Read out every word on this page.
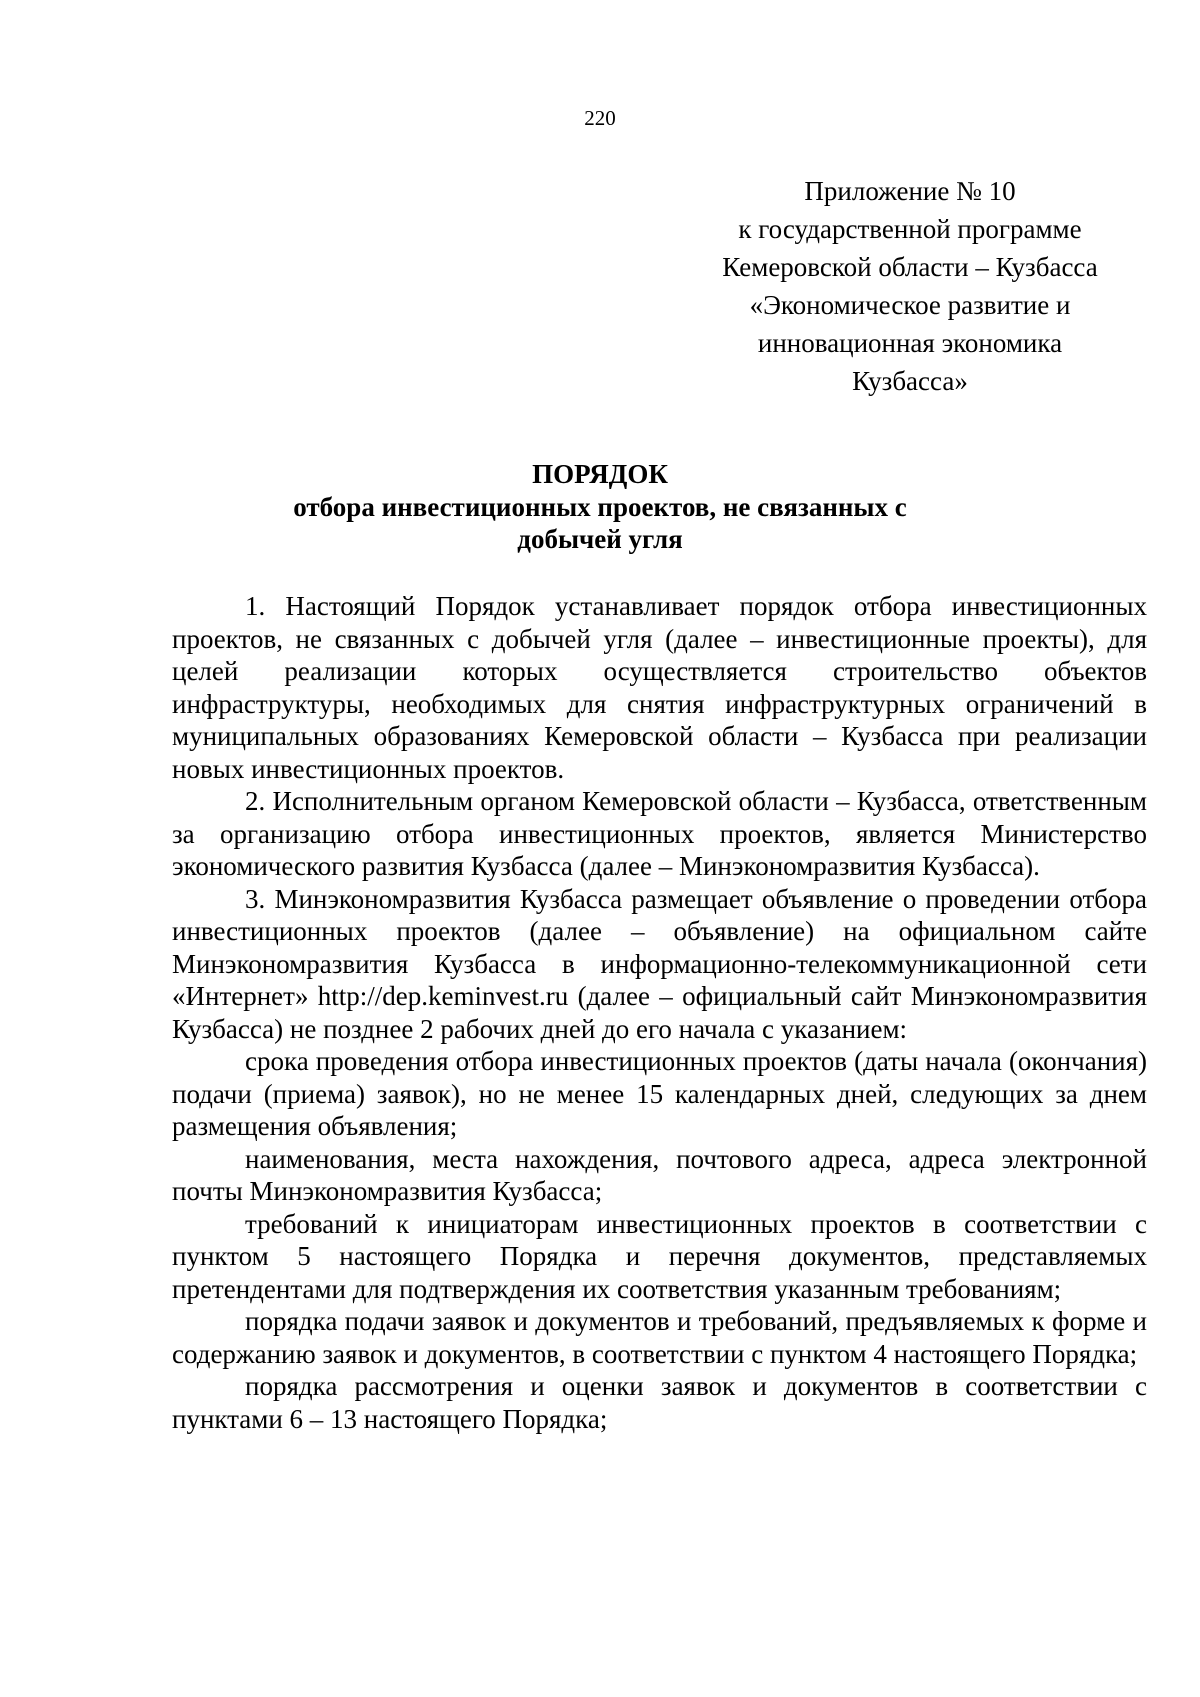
220
Приложение № 10
к государственной программе
Кемеровской области – Кузбасса
«Экономическое развитие и
инновационная экономика
Кузбасса»
ПОРЯДОК
отбора инвестиционных проектов, не связанных с
добычей угля

1. Настоящий Порядок устанавливает порядок отбора инвестиционных проектов, не связанных с добычей угля (далее – инвестиционные проекты), для целей реализации которых осуществляется строительство объектов инфраструктуры, необходимых для снятия инфраструктурных ограничений в муниципальных образованиях Кемеровской области – Кузбасса при реализации новых инвестиционных проектов.

2. Исполнительным органом Кемеровской области – Кузбасса, ответственным за организацию отбора инвестиционных проектов, является Министерство экономического развития Кузбасса (далее – Минэкономразвития Кузбасса).

3. Минэкономразвития Кузбасса размещает объявление о проведении отбора инвестиционных проектов (далее – объявление) на официальном сайте Минэкономразвития Кузбасса в информационно-телекоммуникационной сети «Интернет» http://dep.keminvest.ru (далее – официальный сайт Минэкономразвития Кузбасса) не позднее 2 рабочих дней до его начала с указанием:

срока проведения отбора инвестиционных проектов (даты начала (окончания) подачи (приема) заявок), но не менее 15 календарных дней, следующих за днем размещения объявления;

наименования, места нахождения, почтового адреса, адреса электронной почты Минэкономразвития Кузбасса;

требований к инициаторам инвестиционных проектов в соответствии с пунктом 5 настоящего Порядка и перечня документов, представляемых претендентами для подтверждения их соответствия указанным требованиям;

порядка подачи заявок и документов и требований, предъявляемых к форме и содержанию заявок и документов, в соответствии с пунктом 4 настоящего Порядка;

порядка рассмотрения и оценки заявок и документов в соответствии с пунктами 6 – 13 настоящего Порядка;
